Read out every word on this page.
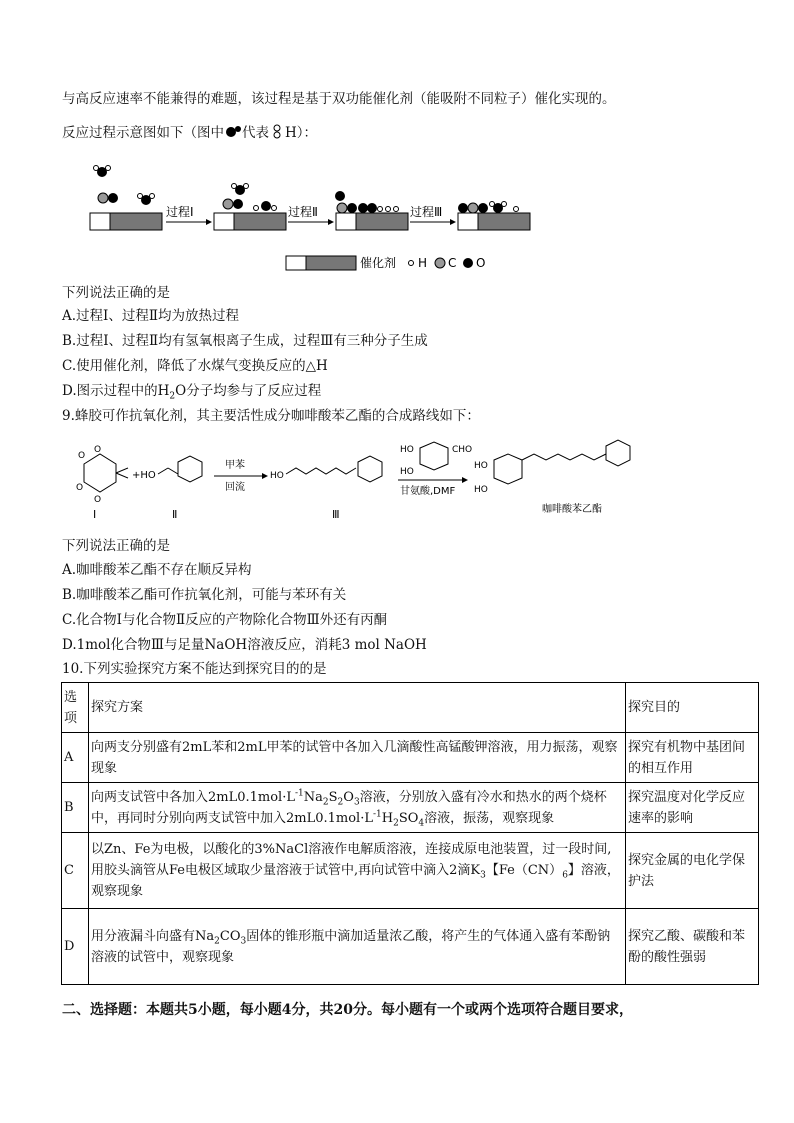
与高反应速率不能兼得的难题，该过程是基于双功能催化剂（能吸附不同粒子）催化实现的。
反应过程示意图如下（图中 代表 H）：
过程Ⅰ	过程Ⅱ	过程Ⅲ
催化剂 H C O
下列说法正确的是
A.过程Ⅰ、过程Ⅱ均为放热过程
B.过程Ⅰ、过程Ⅱ均有氢氧根离子生成，过程Ⅲ有三种分子生成
C.使用催化剂，降低了水煤气变换反应的△H
D.图示过程中的$H_2O$分子均参与了反应过程
9.蜂胶可作抗氧化剂，其主要活性成分咖啡酸苯乙酯的合成路线如下：
O
O
O
O
Ⅰ
+HO
Ⅱ
甲苯
回流
HO
Ⅲ
HO	CHO
HO
甘氨酸,DMF
HO
HO
咖啡酸苯乙酯
下列说法正确的是
A.咖啡酸苯乙酯不存在顺反异构
B.咖啡酸苯乙酯可作抗氧化剂，可能与苯环有关
C.化合物Ⅰ与化合物Ⅱ反应的产物除化合物Ⅲ外还有丙酮
D.1mol化合物Ⅲ与足量NaOH溶液反应，消耗3 mol NaOH
10.下列实验探究方案不能达到探究目的的是
选项	探究方案	探究目的
A	向两支分别盛有2mL苯和2mL甲苯的试管中各加入几滴酸性高锰酸钾溶液，用力振荡，观察现象	探究有机物中基团间的相互作用
B	向两支试管中各加入$2mL0.1mol\cdot L^{-1}Na_2S_2O_3$溶液，分别放入盛有冷水和热水的两个烧杯中，再同时分别向两支试管中加入$2mL0.1mol\cdot L^{-1}H_2SO_4$溶液，振荡，观察现象	探究温度对化学反应速率的影响
C	以Zn、Fe为电极，以酸化的3%NaCl溶液作电解质溶液，连接成原电池装置，过一段时间,用胶头滴管从Fe电极区域取少量溶液于试管中,再向试管中滴入2滴$K_3$【$Fe(CN)_6$】溶液，观察现象	探究金属的电化学保护法
D	用分液漏斗向盛有$Na_2CO_3$固体的锥形瓶中滴加适量浓乙酸，将产生的气体通入盛有苯酚钠溶液的试管中，观察现象	探究乙酸、碳酸和苯酚的酸性强弱
二、选择题：本题共5小题，每小题4分，共20分。每小题有一个或两个选项符合题目要求，
